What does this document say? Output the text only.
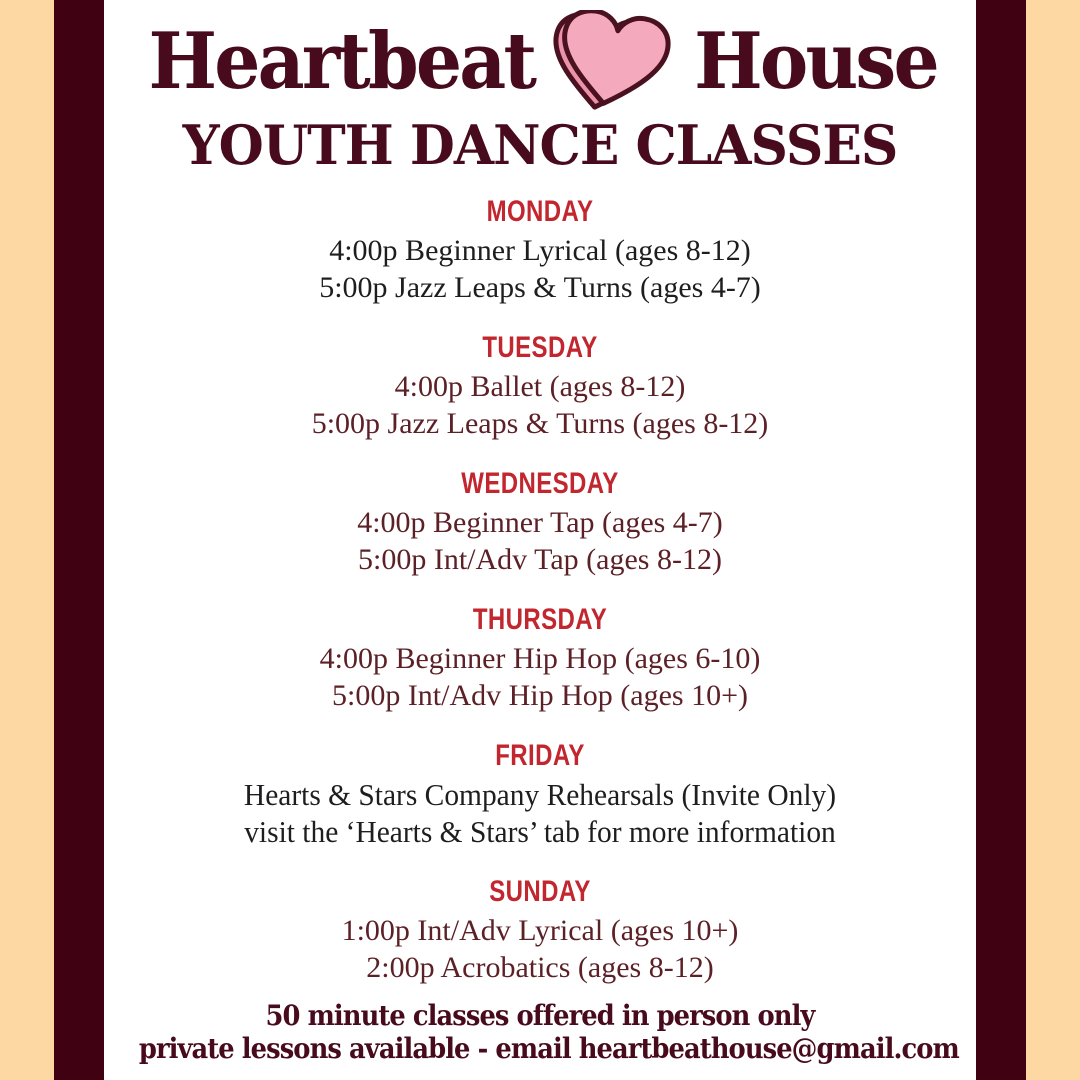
Heartbeat House
YOUTH DANCE CLASSES
MONDAY

4:00p Beginner Lyrical (ages 8-12)

5:00p Jazz Leaps & Turns (ages 4-7)

TUESDAY

4:00p Ballet (ages 8-12)

5:00p Jazz Leaps & Turns (ages 8-12)

WEDNESDAY

4:00p Beginner Tap (ages 4-7)

5:00p Int/Adv Tap (ages 8-12)

THURSDAY

4:00p Beginner Hip Hop (ages 6-10)

5:00p Int/Adv Hip Hop (ages 10+)

FRIDAY

Hearts & Stars Company Rehearsals (Invite Only)

visit the ‘Hearts & Stars’ tab for more information

SUNDAY

1:00p Int/Adv Lyrical (ages 10+)

2:00p Acrobatics (ages 8-12)

50 minute classes offered in person only

private lessons available - email heartbeathouse@gmail.com
